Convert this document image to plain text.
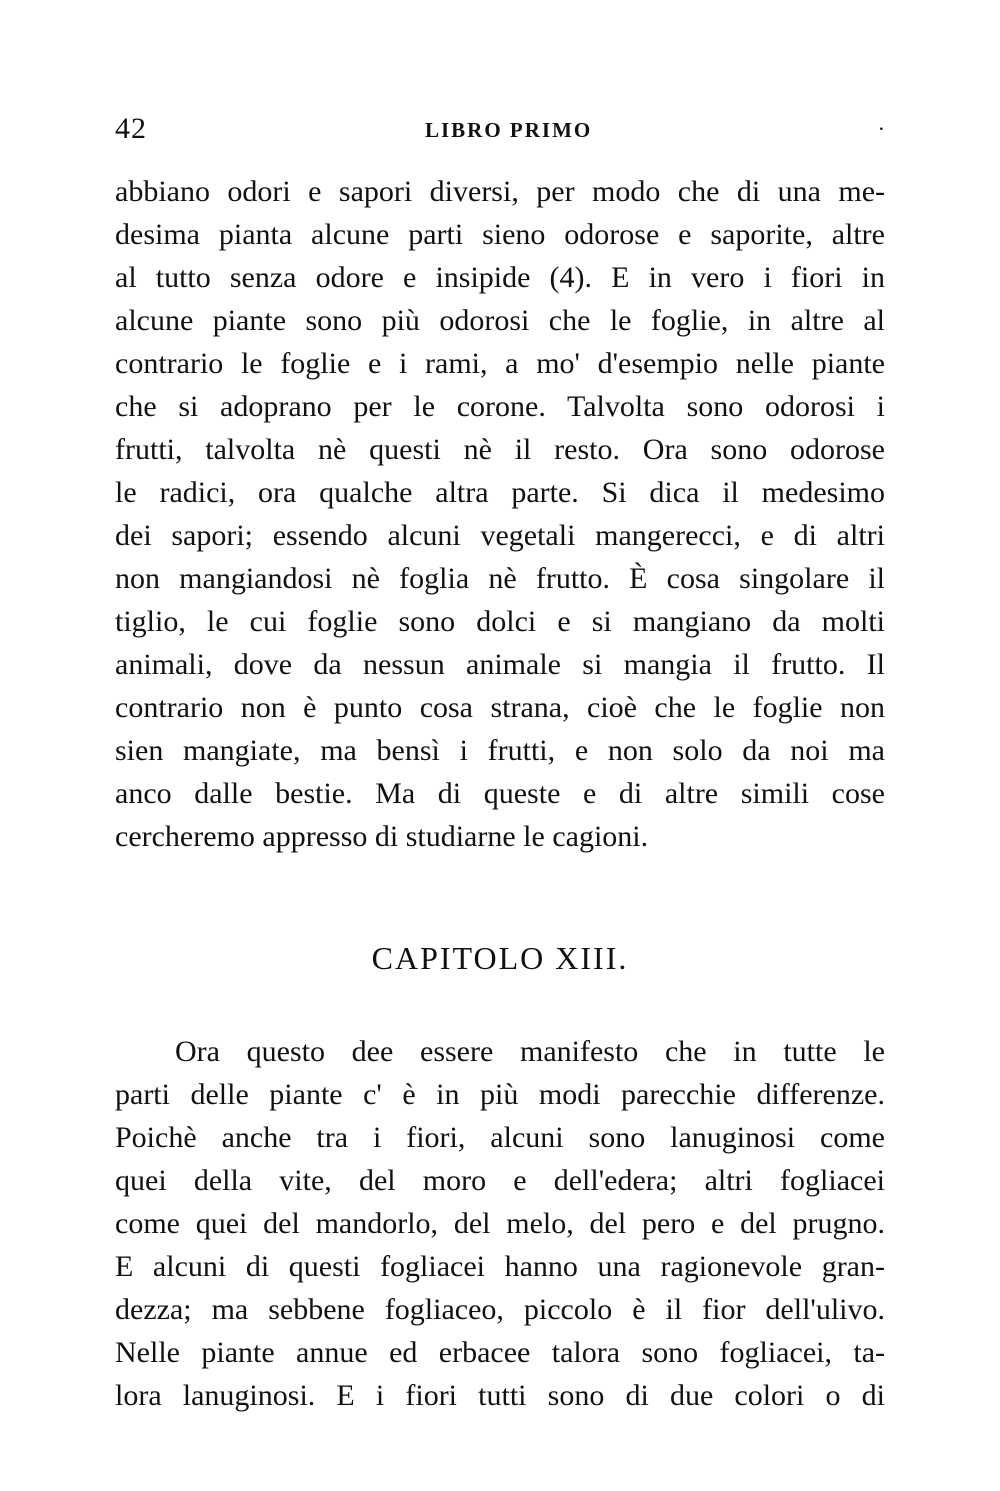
42	LIBRO PRIMO	·
abbiano odori e sapori diversi, per modo che di una me-
desima pianta alcune parti sieno odorose e saporite, altre
al tutto senza odore e insipide (4). E in vero i fiori in
alcune piante sono più odorosi che le foglie, in altre al
contrario le foglie e i rami, a mo' d'esempio nelle piante
che si adoprano per le corone. Talvolta sono odorosi i
frutti, talvolta nè questi nè il resto. Ora sono odorose
le radici, ora qualche altra parte. Si dica il medesimo
dei sapori; essendo alcuni vegetali mangerecci, e di altri
non mangiandosi nè foglia nè frutto. È cosa singolare il
tiglio, le cui foglie sono dolci e si mangiano da molti
animali, dove da nessun animale si mangia il frutto. Il
contrario non è punto cosa strana, cioè che le foglie non
sien mangiate, ma bensì i frutti, e non solo da noi ma
anco dalle bestie. Ma di queste e di altre simili cose
cercheremo appresso di studiarne le cagioni.
CAPITOLO XIII.
Ora questo dee essere manifesto che in tutte le
parti delle piante c' è in più modi parecchie differenze.
Poichè anche tra i fiori, alcuni sono lanuginosi come
quei della vite, del moro e dell'edera; altri fogliacei
come quei del mandorlo, del melo, del pero e del prugno.
E alcuni di questi fogliacei hanno una ragionevole gran-
dezza; ma sebbene fogliaceo, piccolo è il fior dell'ulivo.
Nelle piante annue ed erbacee talora sono fogliacei, ta-
lora lanuginosi. E i fiori tutti sono di due colori o di
